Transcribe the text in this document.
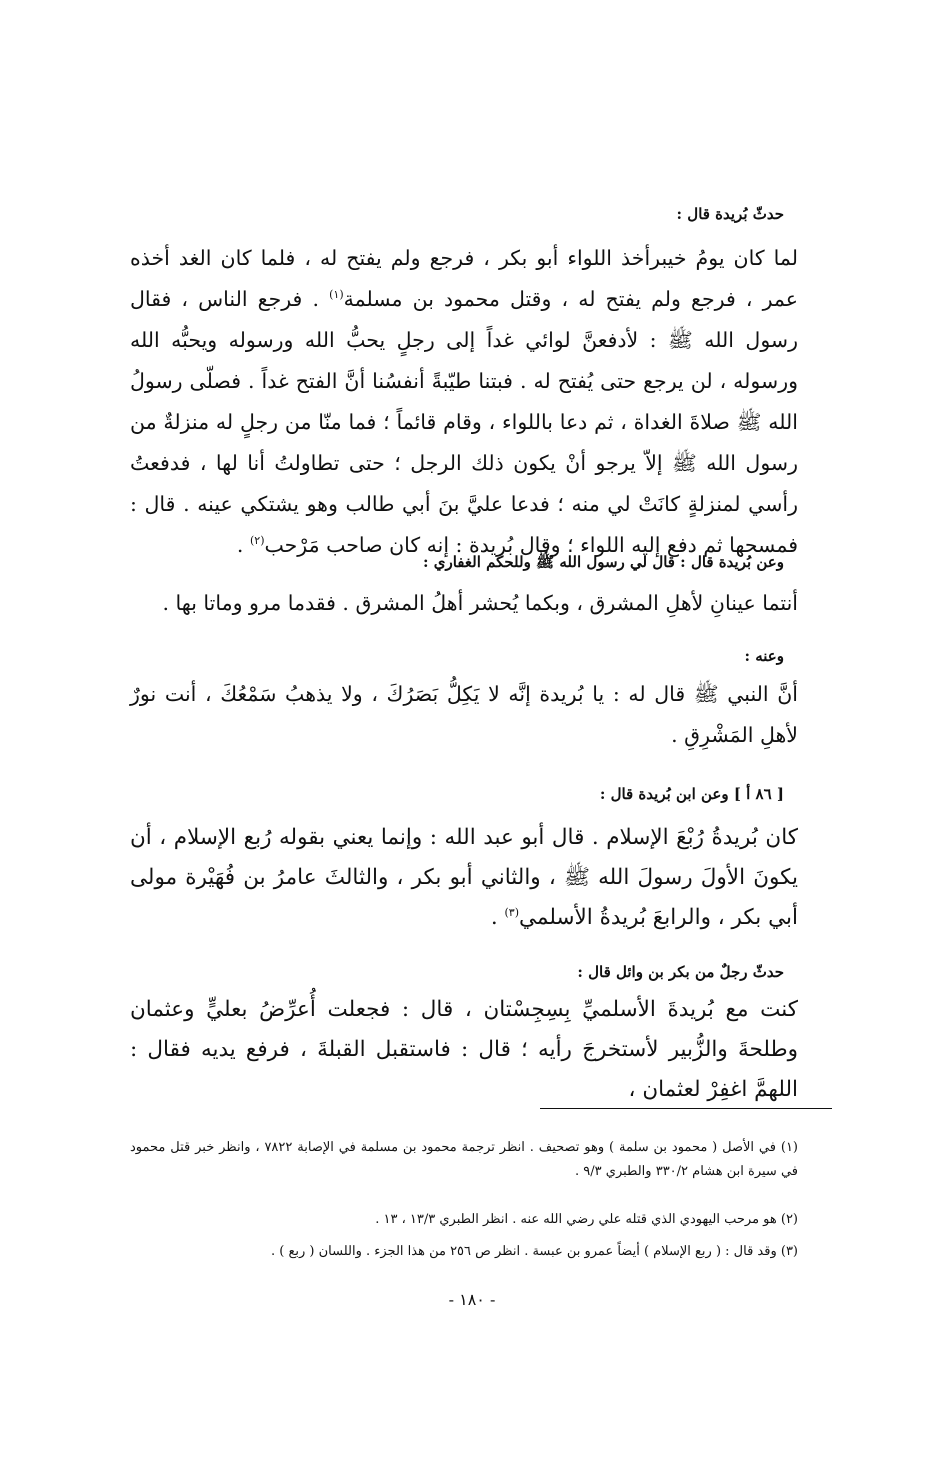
حدثّ بُريدة قال :
لما كان يومُ خيبرأخذ اللواء أبو بكر ، فرجع ولم يفتح له ، فلما كان الغد أخذه عمر ، فرجع ولم يفتح له ، وقتل محمود بن مسلمة$^{(١)}$ . فرجع الناس ، فقال رسول الله ﷺ : لأدفعنَّ لوائي غداً إلى رجلٍ يحبُّ الله ورسوله ويحبُّه الله ورسوله ، لن يرجع حتى يُفتح له . فبتنا طيّبةً أنفسُنا أنَّ الفتح غداً . فصلّى رسولُ الله ﷺ صلاةَ الغداة ، ثم دعا باللواء ، وقام قائماً ؛ فما منّا من رجلٍ له منزلةٌ من رسول الله ﷺ إلاّ يرجو أنْ يكون ذلك الرجل ؛ حتى تطاولتُ أنا لها ، فدفعتُ رأسي لمنزلةٍ كانَتْ لي منه ؛ فدعا عليَّ بنَ أبي طالب وهو يشتكي عينه . قال : فمسحها ثم دفع إليه اللواء ؛ وقال بُريدة : إنه كان صاحب مَرْحب$^{(٢)}$ .
وعن بُريدة قال : قال لي رسول الله ﷺ وللحكم الغفاري :
أنتما عينانِ لأهلِ المشرق ، وبكما يُحشر أهلُ المشرق . فقدما مرو وماتا بها .
وعنه :
أنَّ النبي ﷺ قال له : يا بُريدة إنَّه لا يَكِلُّ بَصَرُكَ ، ولا يذهبُ سَمْعُكَ ، أنت نورٌ لأهلِ المَشْرِقِ .
[ ٨٦ أ ] وعن ابن بُريدة قال :
كان بُريدةُ رُبْعَ الإسلام . قال أبو عبد الله : وإنما يعني بقوله رُبع الإسلام ، أن يكونَ الأولَ رسولَ الله ﷺ ، والثاني أبو بكر ، والثالثَ عامرُ بن فُهَيْرة مولى أبي بكر ، والرابعَ بُريدةُ الأسلمي$^{(٣)}$ .
حدثّ رجلٌ من بكر بن وائل قال :
كنت مع بُريدةَ الأسلميِّ بِسِجِسْتان ، قال : فجعلت أُعرِّضُ بعليٍّ وعثمان وطلحةَ والزُّبير لأستخرجَ رأيه ؛ قال : فاستقبل القبلةَ ، فرفع يديه فقال : اللهمَّ اغفِرْ لعثمان ،
(١) في الأصل ( محمود بن سلمة ) وهو تصحيف . انظر ترجمة محمود بن مسلمة في الإصابة ٧٨٢٢ ، وانظر خبر قتل محمود في سيرة ابن هشام ٣٣٠/٢ والطبري ٩/٣ .
(٢) هو مرحب اليهودي الذي قتله علي رضي الله عنه . انظر الطبري ١٣/٣ ، ١٣ .
(٣) وقد قال : ( ربع الإسلام ) أيضاً عمرو بن عبسة . انظر ص ٢٥٦ من هذا الجزء . واللسان ( ربع ) .
- ١٨٠ -
